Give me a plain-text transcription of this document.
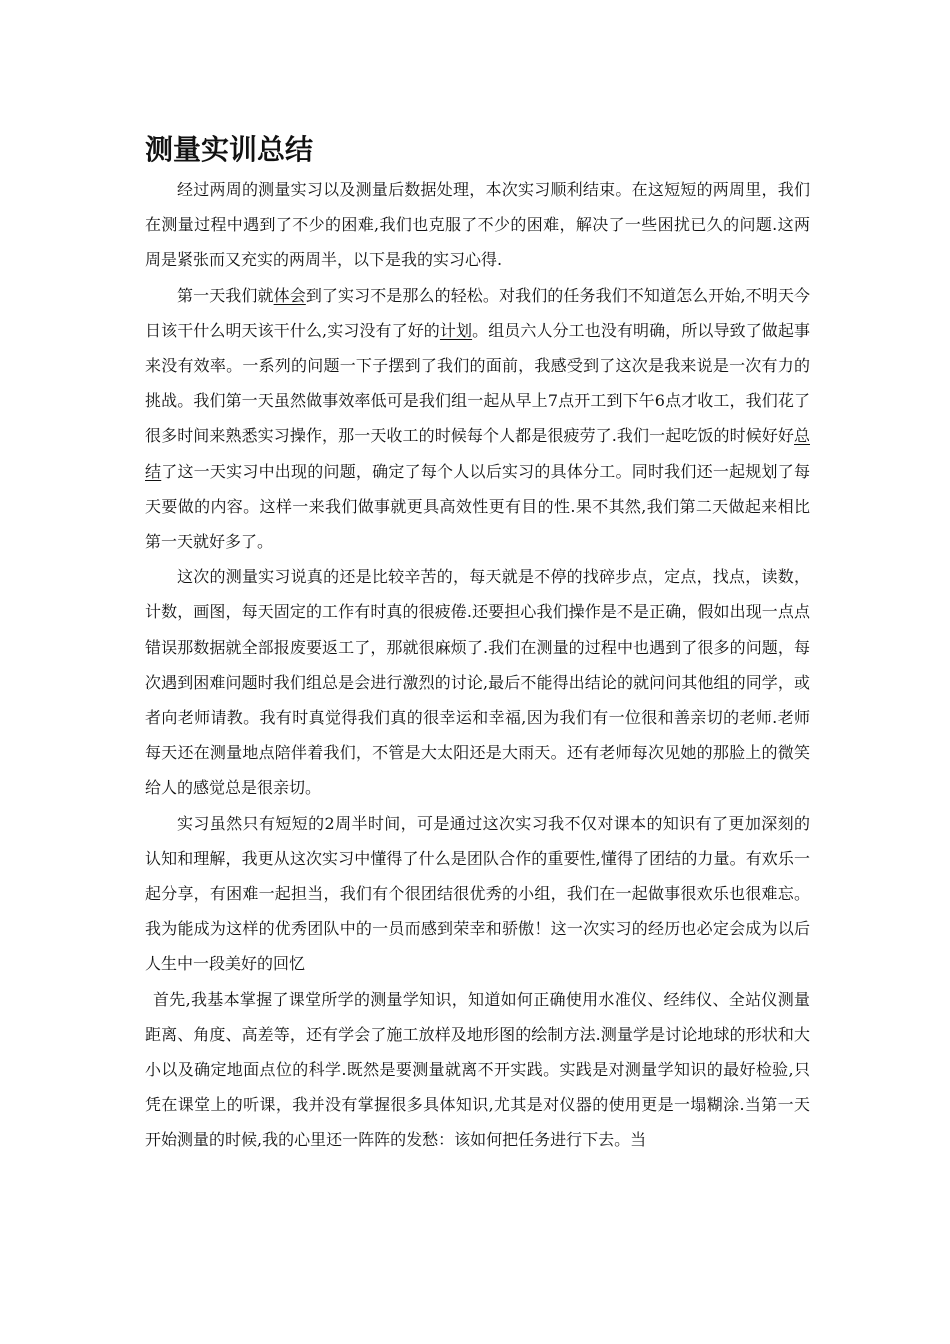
测量实训总结

经过两周的测量实习以及测量后数据处理，本次实习顺利结束。在这短短的两周里，我们在测量过程中遇到了不少的困难,我们也克服了不少的困难，解决了一些困扰已久的问题.这两周是紧张而又充实的两周半，以下是我的实习心得.

第一天我们就体会到了实习不是那么的轻松。对我们的任务我们不知道怎么开始,不明天今日该干什么明天该干什么,实习没有了好的计划。组员六人分工也没有明确，所以导致了做起事来没有效率。一系列的问题一下子摆到了我们的面前，我感受到了这次是我来说是一次有力的挑战。我们第一天虽然做事效率低可是我们组一起从早上7点开工到下午6点才收工，我们花了很多时间来熟悉实习操作，那一天收工的时候每个人都是很疲劳了.我们一起吃饭的时候好好总结了这一天实习中出现的问题，确定了每个人以后实习的具体分工。同时我们还一起规划了每天要做的内容。这样一来我们做事就更具高效性更有目的性.果不其然,我们第二天做起来相比第一天就好多了。

这次的测量实习说真的还是比较辛苦的，每天就是不停的找碎步点，定点，找点，读数，计数，画图，每天固定的工作有时真的很疲倦.还要担心我们操作是不是正确，假如出现一点点错误那数据就全部报废要返工了，那就很麻烦了.我们在测量的过程中也遇到了很多的问题，每次遇到困难问题时我们组总是会进行激烈的讨论,最后不能得出结论的就问问其他组的同学，或者向老师请教。我有时真觉得我们真的很幸运和幸福,因为我们有一位很和善亲切的老师.老师每天还在测量地点陪伴着我们，不管是大太阳还是大雨天。还有老师每次见她的那脸上的微笑给人的感觉总是很亲切。

实习虽然只有短短的2周半时间，可是通过这次实习我不仅对课本的知识有了更加深刻的认知和理解，我更从这次实习中懂得了什么是团队合作的重要性,懂得了团结的力量。有欢乐一起分享，有困难一起担当，我们有个很团结很优秀的小组，我们在一起做事很欢乐也很难忘。我为能成为这样的优秀团队中的一员而感到荣幸和骄傲！这一次实习的经历也必定会成为以后人生中一段美好的回忆

首先,我基本掌握了课堂所学的测量学知识，知道如何正确使用水准仪、经纬仪、全站仪测量距离、角度、高差等，还有学会了施工放样及地形图的绘制方法.测量学是讨论地球的形状和大小以及确定地面点位的科学.既然是要测量就离不开实践。实践是对测量学知识的最好检验,只凭在课堂上的听课，我并没有掌握很多具体知识,尤其是对仪器的使用更是一塌糊涂.当第一天开始测量的时候,我的心里还一阵阵的发愁：该如何把任务进行下去。当
